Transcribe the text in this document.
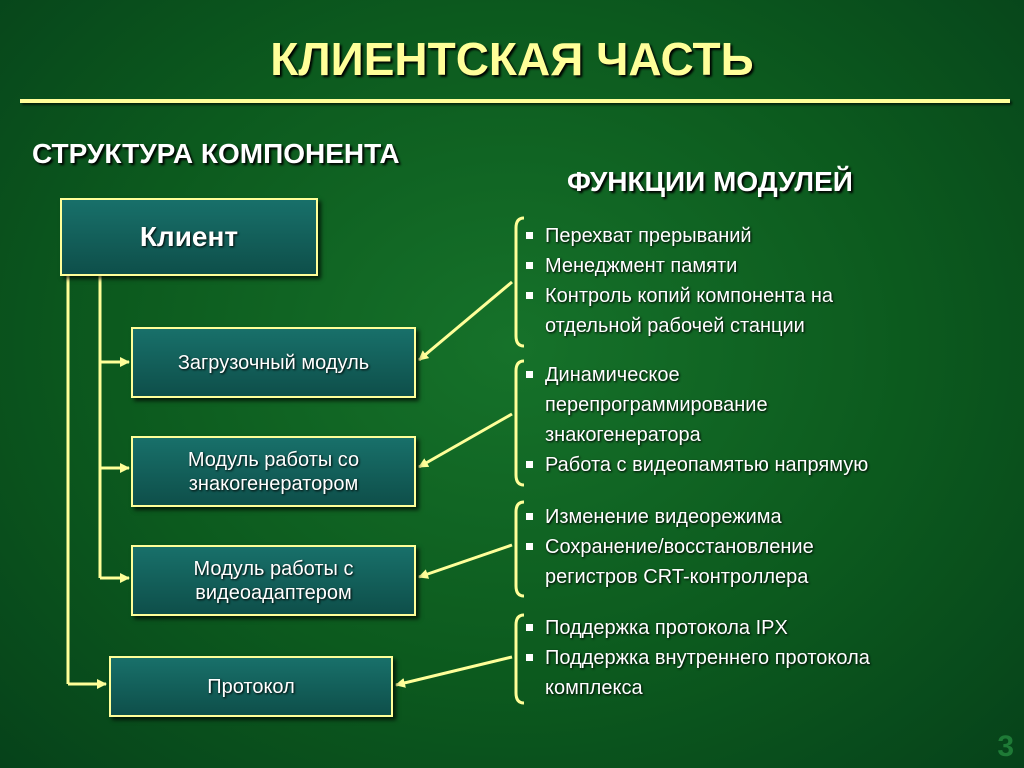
КЛИЕНТСКАЯ ЧАСТЬ
СТРУКТУРА КОМПОНЕНТА
ФУНКЦИИ МОДУЛЕЙ
Клиент
Загрузочный модуль
Модуль работы со
знакогенератором
Модуль работы с
видеоадаптером
Протокол
Перехват прерываний
Менеджмент памяти
Контроль копий компонента на
отдельной рабочей станции
Динамическое
перепрограммирование
знакогенератора
Работа с видеопамятью напрямую
Изменение видеорежима
Сохранение/восстановление
регистров CRT-контроллера
Поддержка протокола IPX
Поддержка внутреннего протокола
комплекса
3
